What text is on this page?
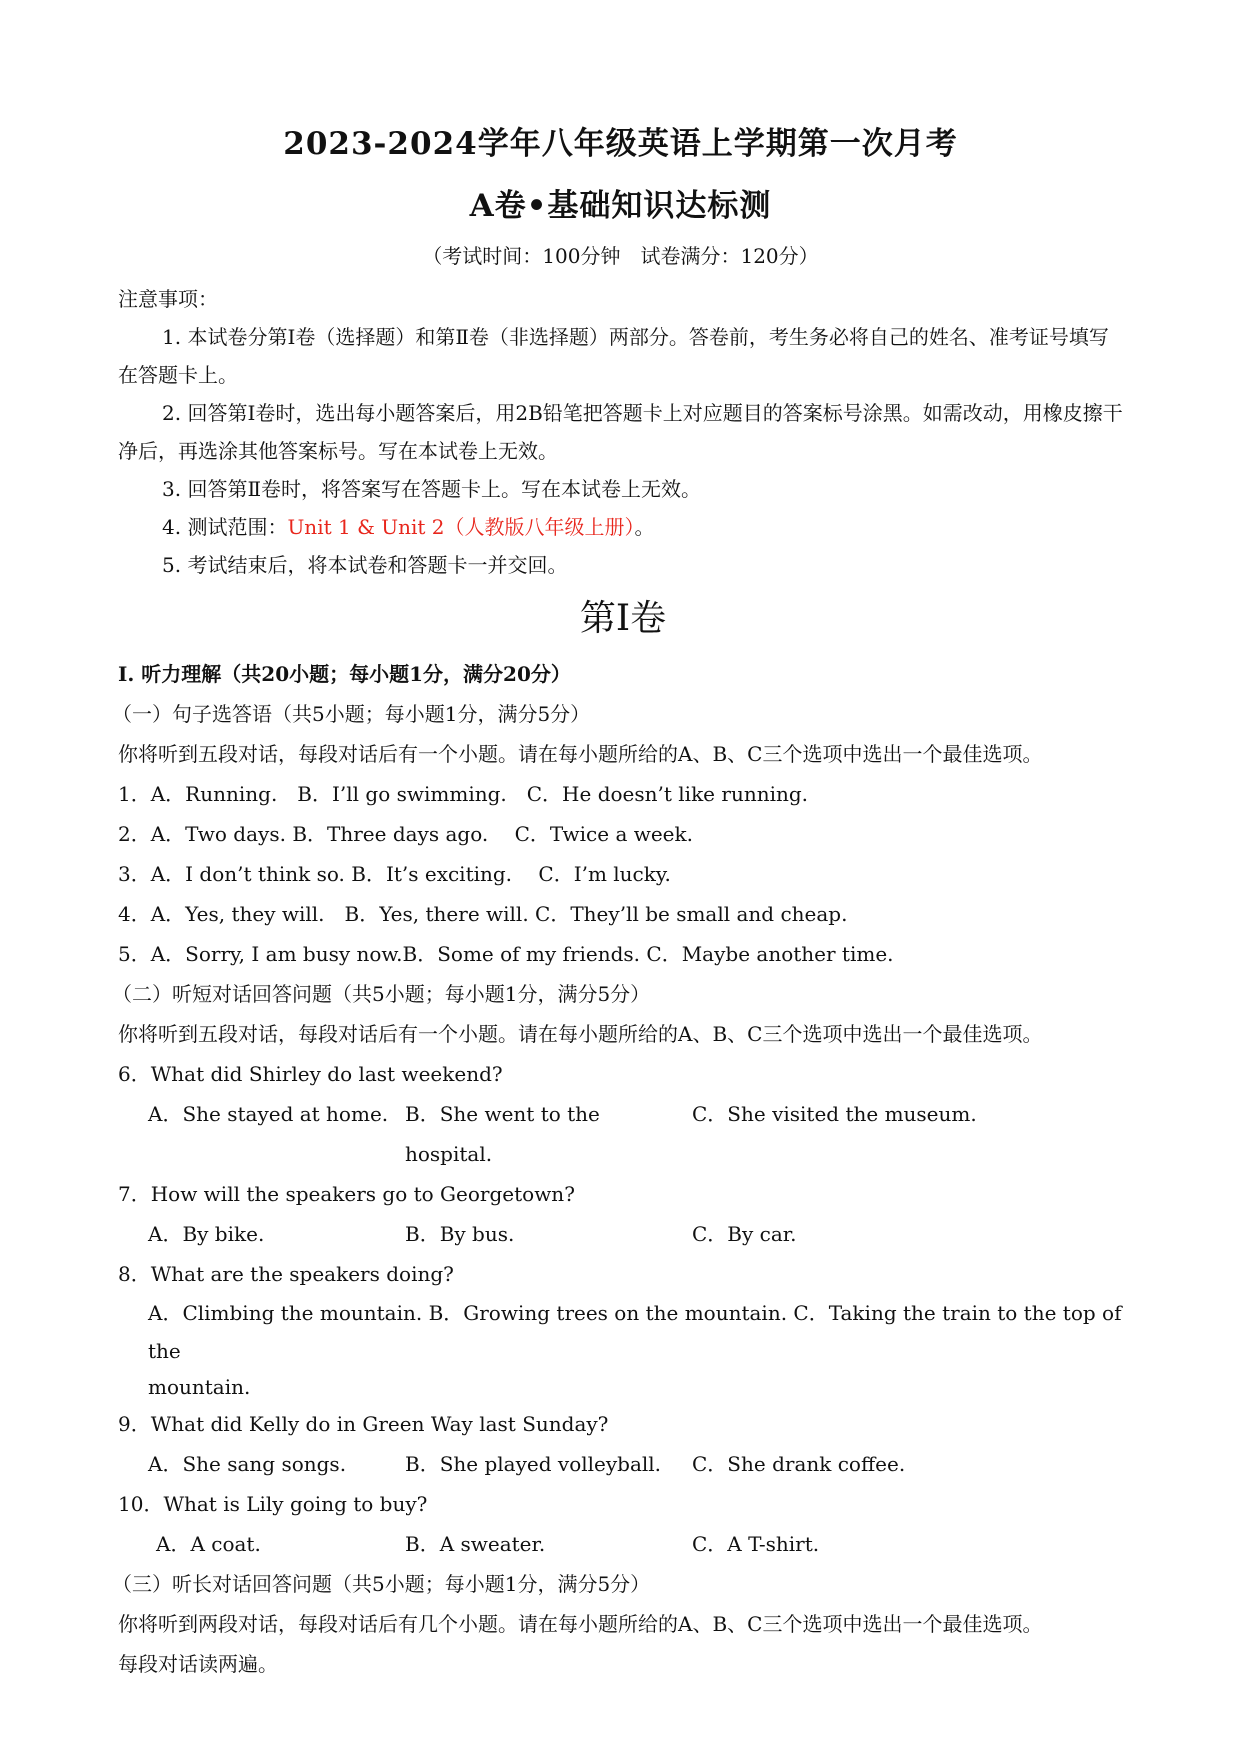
2023-2024学年八年级英语上学期第一次月考
A卷•基础知识达标测
（考试时间：100分钟　试卷满分：120分）
注意事项：
1. 本试卷分第Ⅰ卷（选择题）和第Ⅱ卷（非选择题）两部分。答卷前，考生务必将自己的姓名、准考证号填写在答题卡上。
2. 回答第Ⅰ卷时，选出每小题答案后，用2B铅笔把答题卡上对应题目的答案标号涂黑。如需改动，用橡皮擦干净后，再选涂其他答案标号。写在本试卷上无效。
3. 回答第Ⅱ卷时，将答案写在答题卡上。写在本试卷上无效。
4. 测试范围：Unit 1 & Unit 2（人教版八年级上册）。
5. 考试结束后，将本试卷和答题卡一并交回。
第Ⅰ卷
I. 听力理解（共20小题；每小题1分，满分20分）
（一）句子选答语（共5小题；每小题1分，满分5分）
你将听到五段对话，每段对话后有一个小题。请在每小题所给的A、B、C三个选项中选出一个最佳选项。
1．A．Running.　B．I’ll go swimming.　C．He doesn’t like running.
2．A．Two days. B．Three days ago.　 C．Twice a week.
3．A．I don’t think so. B．It’s exciting.　 C．I’m lucky.
4．A．Yes, they will.　B．Yes, there will. C．They’ll be small and cheap.
5．A．Sorry, I am busy now.B．Some of my friends. C．Maybe another time.
（二）听短对话回答问题（共5小题；每小题1分，满分5分）
你将听到五段对话，每段对话后有一个小题。请在每小题所给的A、B、C三个选项中选出一个最佳选项。
6．What did Shirley do last weekend?
A．She stayed at home. B．She went to the hospital.
C．She visited the museum.
7．How will the speakers go to Georgetown?
A．By bike.	B．By bus.	C．By car.
8．What are the speakers doing?
A．Climbing the mountain. B．Growing trees on the mountain. C．Taking the train to the top of the
mountain.
9．What did Kelly do in Green Way last Sunday?
A．She sang songs.	B．She played volleyball.	C．She drank coffee.
10．What is Lily going to buy?
A．A coat.	B．A sweater.	C．A T-shirt.
（三）听长对话回答问题（共5小题；每小题1分，满分5分）
你将听到两段对话，每段对话后有几个小题。请在每小题所给的A、B、C三个选项中选出一个最佳选项。
每段对话读两遍。
